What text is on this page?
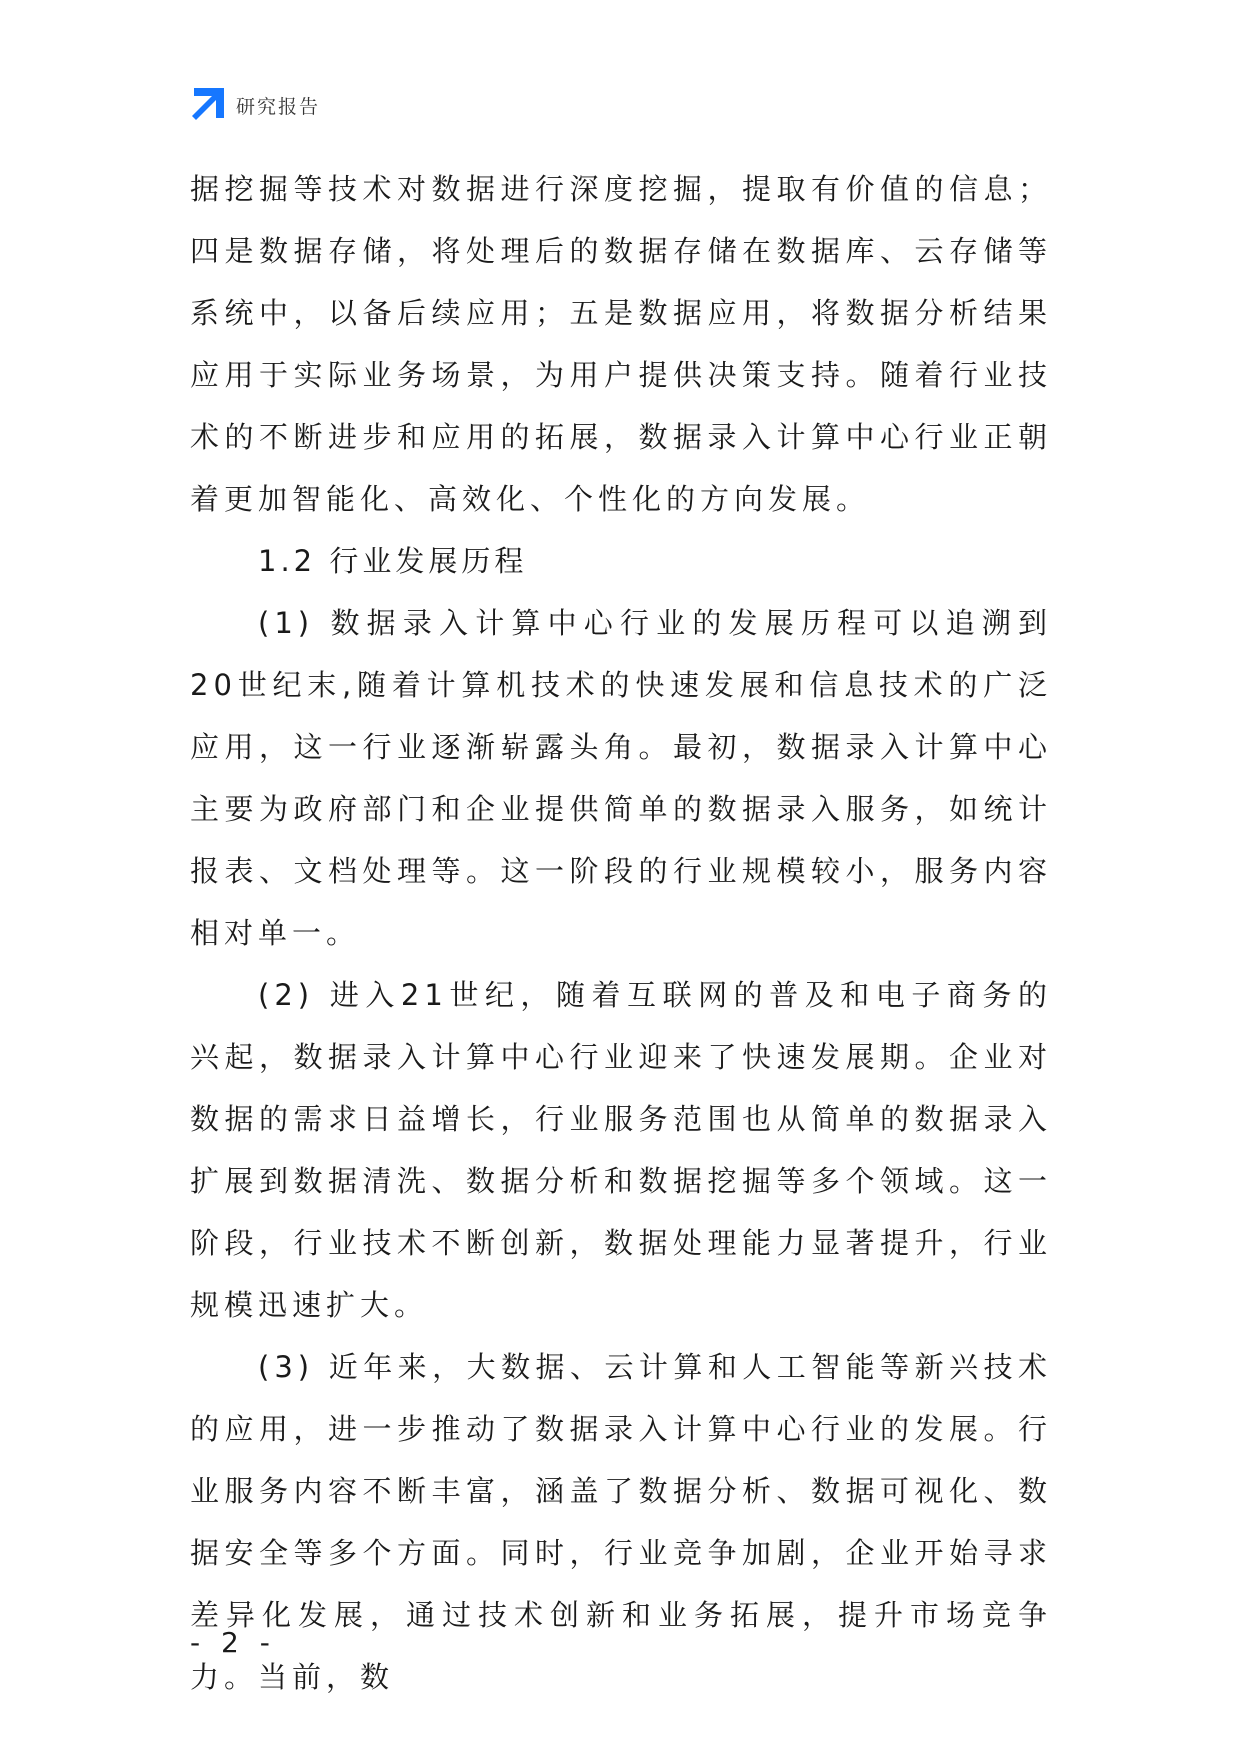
研究报告

据挖掘等技术对数据进行深度挖掘，提取有价值的信息；四是数据存储，将处理后的数据存储在数据库、云存储等系统中，以备后续应用；五是数据应用，将数据分析结果应用于实际业务场景，为用户提供决策支持。随着行业技术的不断进步和应用的拓展，数据录入计算中心行业正朝着更加智能化、高效化、个性化的方向发展。

1.2 行业发展历程

(1) 数据录入计算中心行业的发展历程可以追溯到20世纪末,随着计算机技术的快速发展和信息技术的广泛应用，这一行业逐渐崭露头角。最初，数据录入计算中心主要为政府部门和企业提供简单的数据录入服务，如统计报表、文档处理等。这一阶段的行业规模较小，服务内容相对单一。

(2) 进入21世纪，随着互联网的普及和电子商务的兴起，数据录入计算中心行业迎来了快速发展期。企业对数据的需求日益增长，行业服务范围也从简单的数据录入扩展到数据清洗、数据分析和数据挖掘等多个领域。这一阶段，行业技术不断创新，数据处理能力显著提升，行业规模迅速扩大。

(3) 近年来，大数据、云计算和人工智能等新兴技术的应用，进一步推动了数据录入计算中心行业的发展。行业服务内容不断丰富，涵盖了数据分析、数据可视化、数据安全等多个方面。同时，行业竞争加剧，企业开始寻求差异化发展，通过技术创新和业务拓展，提升市场竞争力。当前，数

- 2 -
